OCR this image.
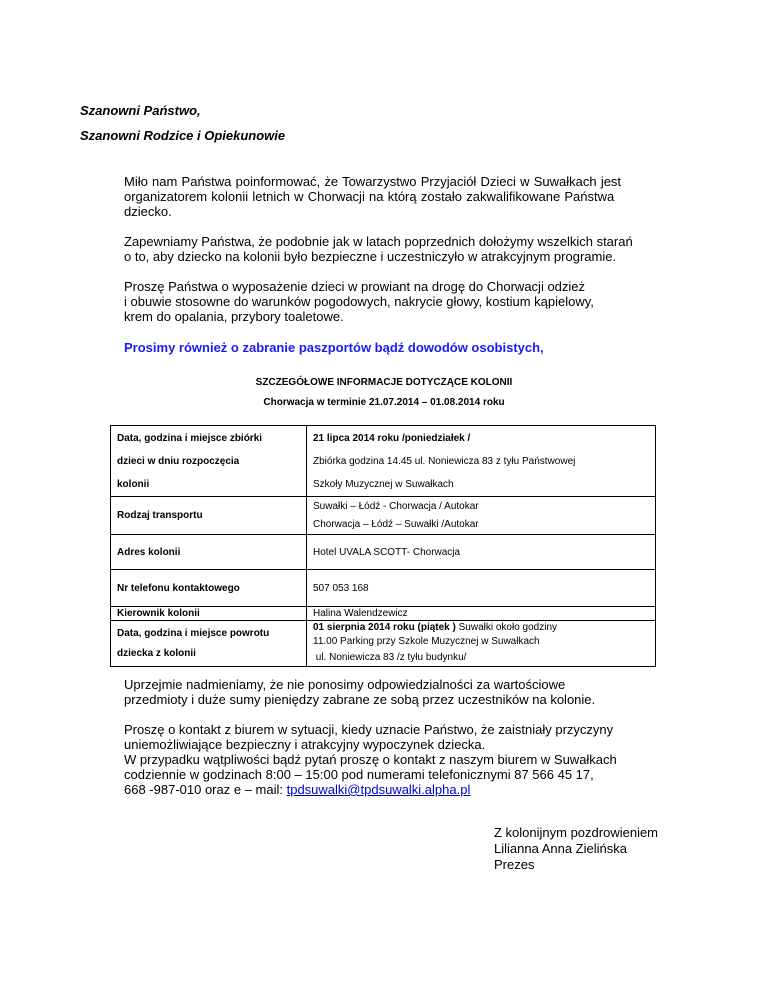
Szanowni Państwo,
Szanowni Rodzice i Opiekunowie
Miło nam Państwa poinformować, że Towarzystwo Przyjaciół Dzieci w Suwałkach jest
organizatorem kolonii letnich w Chorwacji na którą zostało zakwalifikowane Państwa
dziecko.
Zapewniamy Państwa, że podobnie jak w latach poprzednich dołożymy wszelkich starań
o to, aby dziecko na kolonii było bezpieczne i uczestniczyło w atrakcyjnym programie.
Proszę Państwa o wyposażenie dzieci w prowiant na drogę do Chorwacji odzież
i obuwie stosowne do warunków pogodowych, nakrycie głowy, kostium kąpielowy,
krem do opalania, przybory toaletowe.
Prosimy również o zabranie paszportów bądź dowodów osobistych,
SZCZEGÓŁOWE INFORMACJE DOTYCZĄCE KOLONII
Chorwacja w terminie 21.07.2014 – 01.08.2014 roku
Data, godzina i miejsce zbiórki
dzieci w dniu rozpoczęcia
kolonii	21 lipca 2014 roku /poniedziałek /
Zbiórka godzina 14.45 ul. Noniewicza 83 z tyłu Państwowej
Szkoły Muzycznej w Suwałkach

Rodzaj transportu	Suwałki – Łódź - Chorwacja / Autokar
Chorwacja – Łódź – Suwałki /Autokar

Adres kolonii	Hotel UVALA SCOTT- Chorwacja
Nr telefonu kontaktowego	507 053 168
Kierownik kolonii	Halina Walendzewicz

Data, godzina i miejsce powrotu
dziecka z kolonii	01 sierpnia 2014 roku (piątek ) Suwałki około godziny
11.00 Parking przy Szkole Muzycznej w Suwałkach
ul. Noniewicza 83 /z tyłu budynku/
Uprzejmie nadmieniamy, że nie ponosimy odpowiedzialności za wartościowe
przedmioty i duże sumy pieniędzy zabrane ze sobą przez uczestników na kolonie.
Proszę o kontakt z biurem w sytuacji, kiedy uznacie Państwo, że zaistniały przyczyny
uniemożliwiające bezpieczny i atrakcyjny wypoczynek dziecka.
W przypadku wątpliwości bądź pytań proszę o kontakt z naszym biurem w Suwałkach
codziennie w godzinach 8:00 – 15:00 pod numerami telefonicznymi 87 566 45 17,
668 -987-010 oraz e – mail: tpdsuwalki@tpdsuwalki.alpha.pl
Z kolonijnym pozdrowieniem
Lilianna Anna Zielińska
Prezes
